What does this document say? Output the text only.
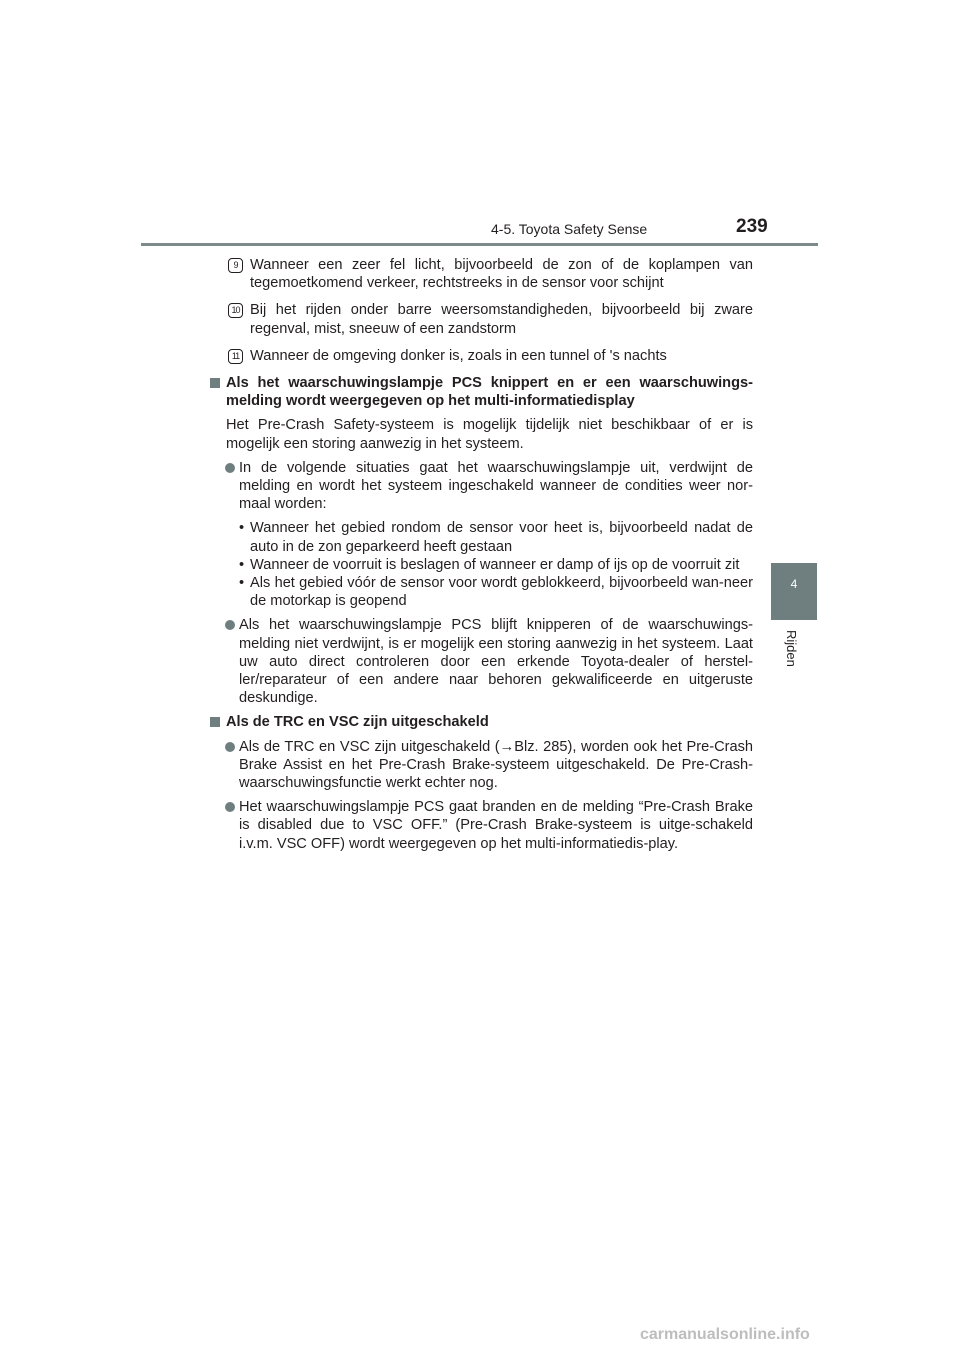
4-5. Toyota Safety Sense	239
4
Rijden
9 Wanneer een zeer fel licht, bijvoorbeeld de zon of de koplampen van tegemoetkomend verkeer, rechtstreeks in de sensor voor schijnt
10 Bij het rijden onder barre weersomstandigheden, bijvoorbeeld bij zware regenval, mist, sneeuw of een zandstorm
11 Wanneer de omgeving donker is, zoals in een tunnel of 's nachts
Als het waarschuwingslampje PCS knippert en er een waarschuwings-melding wordt weergegeven op het multi-informatiedisplay
Het Pre-Crash Safety-systeem is mogelijk tijdelijk niet beschikbaar of er is mogelijk een storing aanwezig in het systeem.
In de volgende situaties gaat het waarschuwingslampje uit, verdwijnt de melding en wordt het systeem ingeschakeld wanneer de condities weer nor-maal worden:
• Wanneer het gebied rondom de sensor voor heet is, bijvoorbeeld nadat de auto in de zon geparkeerd heeft gestaan
• Wanneer de voorruit is beslagen of wanneer er damp of ijs op de voorruit zit
• Als het gebied vóór de sensor voor wordt geblokkeerd, bijvoorbeeld wan-neer de motorkap is geopend
Als het waarschuwingslampje PCS blijft knipperen of de waarschuwings-melding niet verdwijnt, is er mogelijk een storing aanwezig in het systeem. Laat uw auto direct controleren door een erkende Toyota-dealer of herstel-ler/reparateur of een andere naar behoren gekwalificeerde en uitgeruste deskundige.
Als de TRC en VSC zijn uitgeschakeld
Als de TRC en VSC zijn uitgeschakeld (→Blz. 285), worden ook het Pre-Crash Brake Assist en het Pre-Crash Brake-systeem uitgeschakeld. De Pre-Crash-waarschuwingsfunctie werkt echter nog.
Het waarschuwingslampje PCS gaat branden en de melding “Pre-Crash Brake is disabled due to VSC OFF.” (Pre-Crash Brake-systeem is uitge-schakeld i.v.m. VSC OFF) wordt weergegeven op het multi-informatiedis-play.
carmanualsonline.info
